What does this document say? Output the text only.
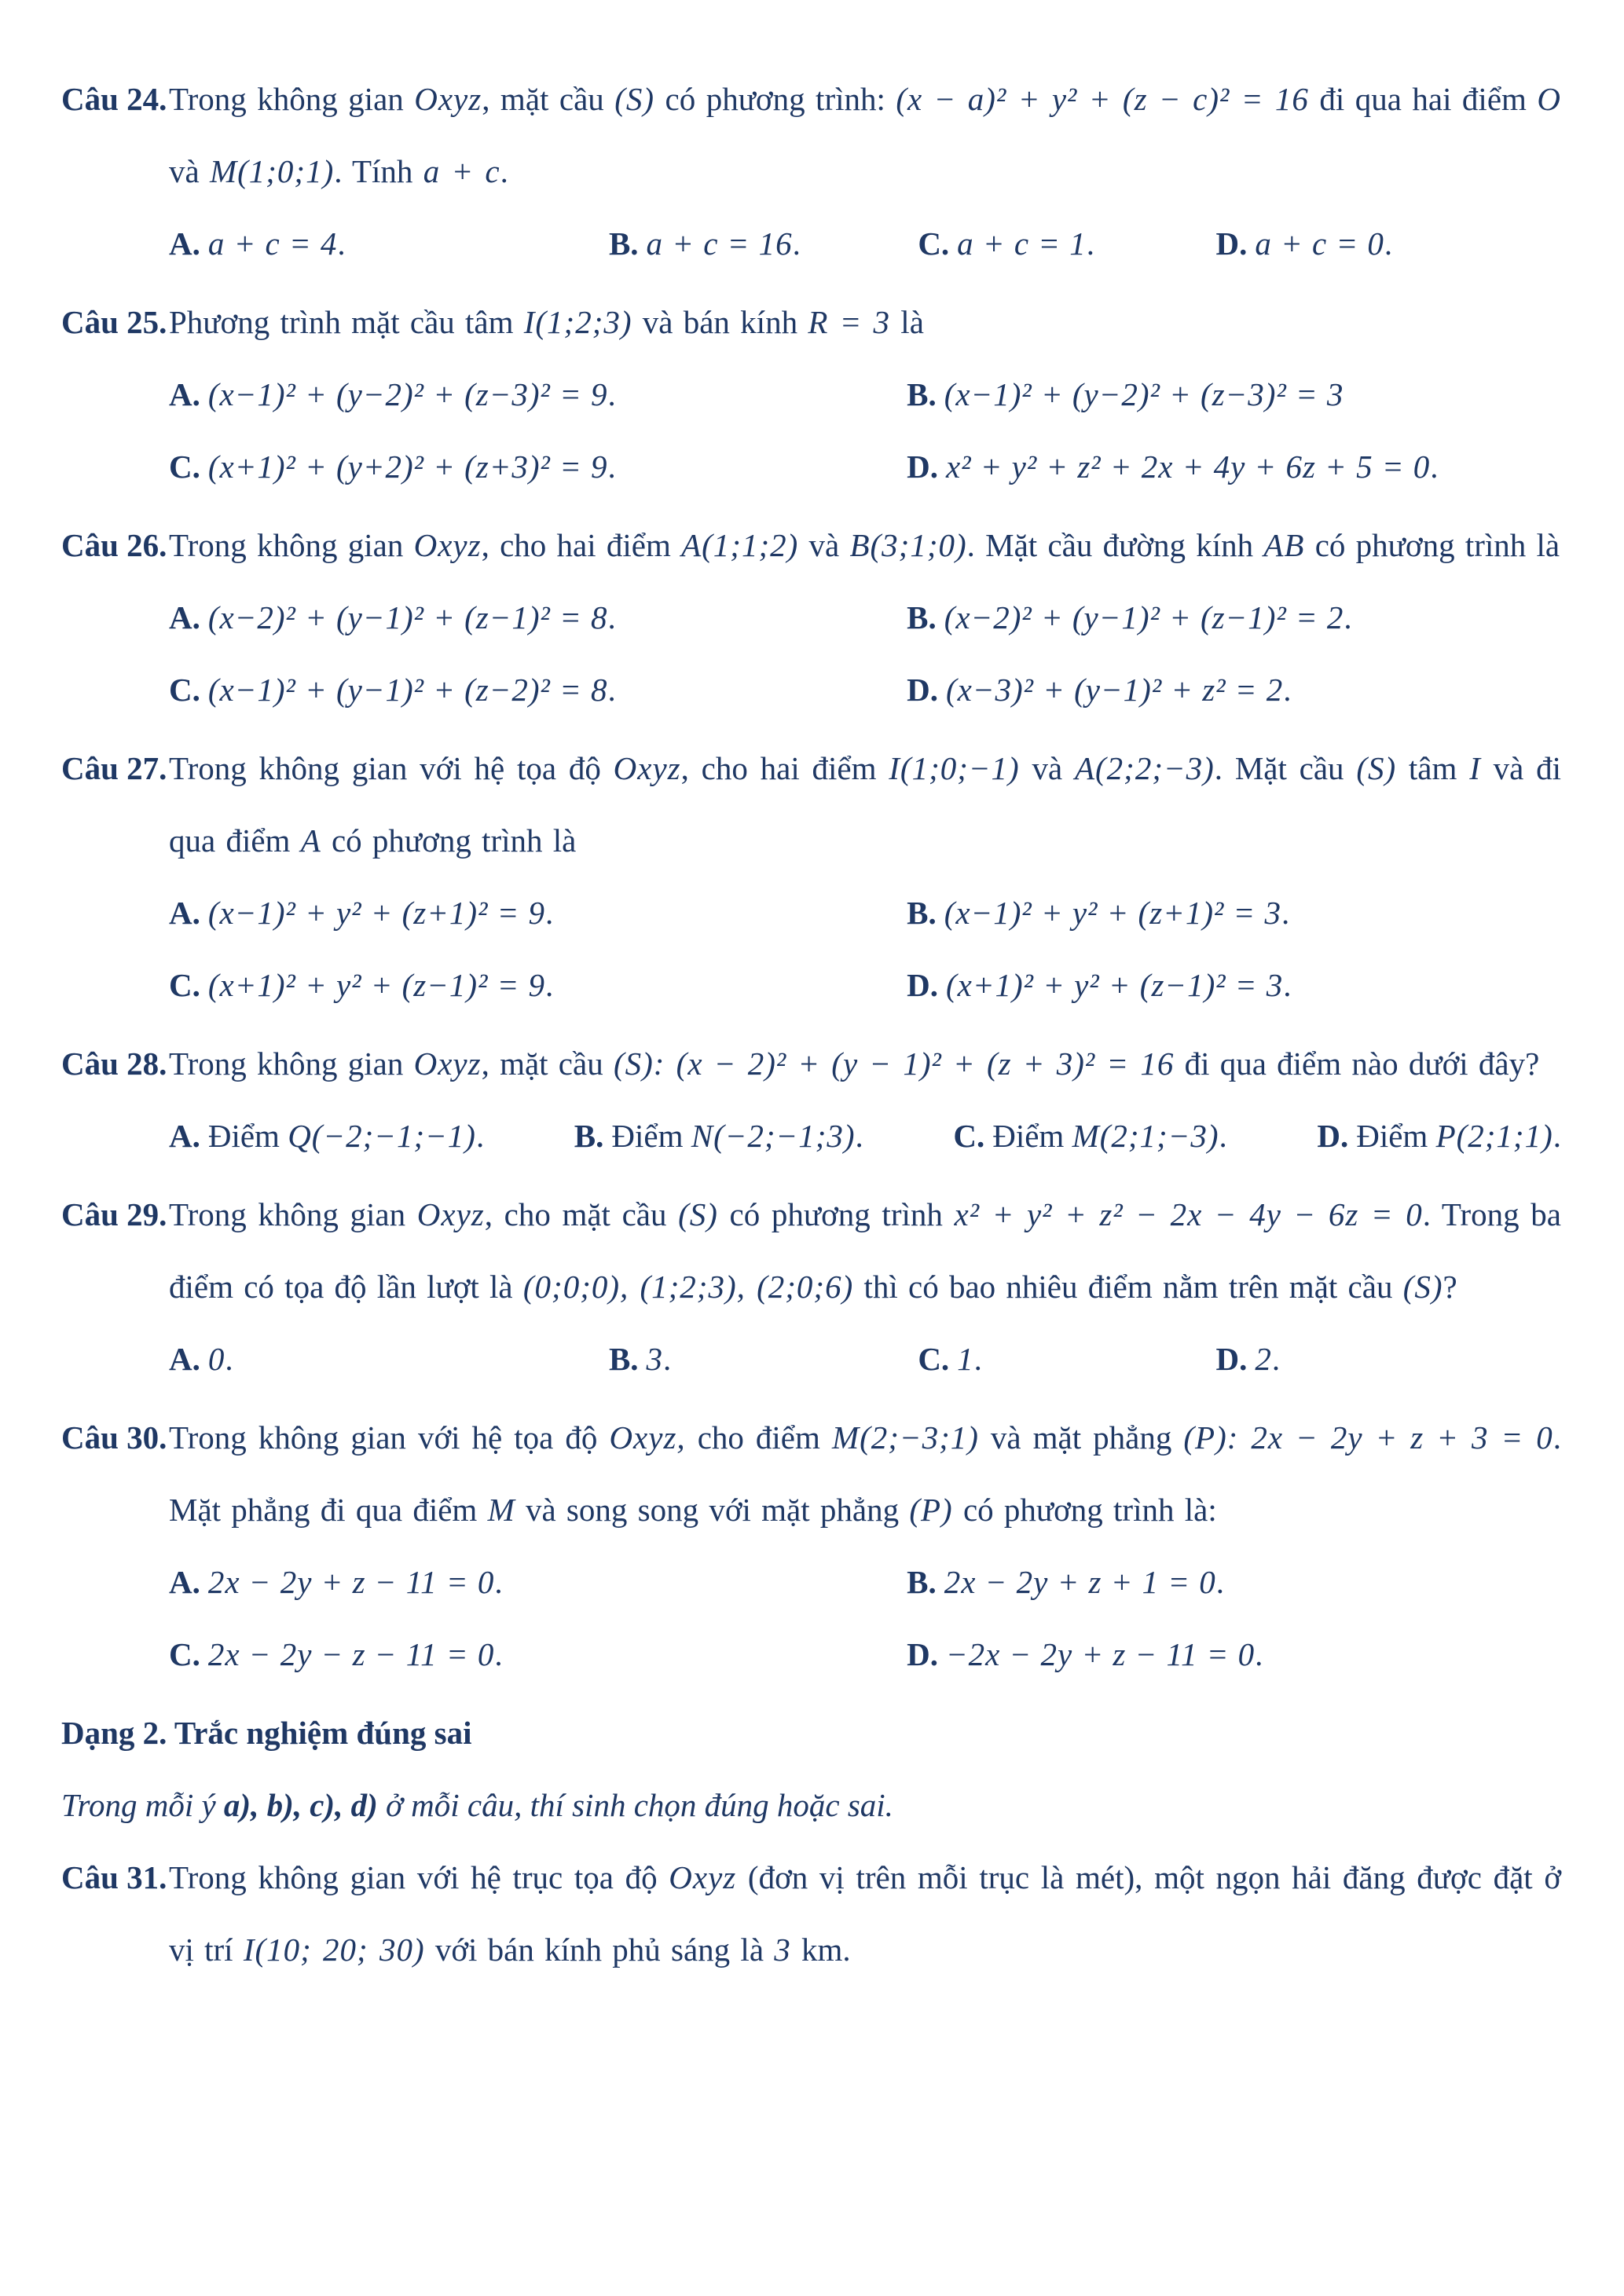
Câu 24. Trong không gian Oxyz, mặt cầu (S) có phương trình: (x − a)² + y² + (z − c)² = 16 đi qua hai điểm O và M(1;0;1). Tính a + c.

A. a + c = 4.	B. a + c = 16.	C. a + c = 1.	D. a + c = 0.
Câu 25. Phương trình mặt cầu tâm I(1;2;3) và bán kính R = 3 là

A. (x−1)² + (y−2)² + (z−3)² = 9.	B. (x−1)² + (y−2)² + (z−3)² = 3
C. (x+1)² + (y+2)² + (z+3)² = 9.	D. x² + y² + z² + 2x + 4y + 6z + 5 = 0.
Câu 26. Trong không gian Oxyz, cho hai điểm A(1;1;2) và B(3;1;0). Mặt cầu đường kính AB có phương trình là

A. (x−2)² + (y−1)² + (z−1)² = 8.	B. (x−2)² + (y−1)² + (z−1)² = 2.
C. (x−1)² + (y−1)² + (z−2)² = 8.	D. (x−3)² + (y−1)² + z² = 2.
Câu 27. Trong không gian với hệ tọa độ Oxyz, cho hai điểm I(1;0;−1) và A(2;2;−3). Mặt cầu (S) tâm I và đi qua điểm A có phương trình là

A. (x−1)² + y² + (z+1)² = 9.	B. (x−1)² + y² + (z+1)² = 3.
C. (x+1)² + y² + (z−1)² = 9.	D. (x+1)² + y² + (z−1)² = 3.
Câu 28. Trong không gian Oxyz, mặt cầu (S): (x − 2)² + (y − 1)² + (z + 3)² = 16 đi qua điểm nào dưới đây?

A. Điểm Q(−2;−1;−1).	B. Điểm N(−2;−1;3).	C. Điểm M(2;1;−3).	D. Điểm P(2;1;1).
Câu 29. Trong không gian Oxyz, cho mặt cầu (S) có phương trình x² + y² + z² − 2x − 4y − 6z = 0. Trong ba điểm có tọa độ lần lượt là (0;0;0), (1;2;3), (2;0;6) thì có bao nhiêu điểm nằm trên mặt cầu (S)?

A. 0.	B. 3.	C. 1.	D. 2.
Câu 30. Trong không gian với hệ tọa độ Oxyz, cho điểm M(2;−3;1) và mặt phẳng (P): 2x − 2y + z + 3 = 0. Mặt phẳng đi qua điểm M và song song với mặt phẳng (P) có phương trình là:

A. 2x − 2y + z − 11 = 0.	B. 2x − 2y + z + 1 = 0.
C. 2x − 2y − z − 11 = 0.	D. −2x − 2y + z − 11 = 0.
Dạng 2. Trắc nghiệm đúng sai
Trong mỗi ý a), b), c), d) ở mỗi câu, thí sinh chọn đúng hoặc sai.
Câu 31. Trong không gian với hệ trục tọa độ Oxyz (đơn vị trên mỗi trục là mét), một ngọn hải đăng được đặt ở vị trí I(10; 20; 30) với bán kính phủ sáng là 3 km.
